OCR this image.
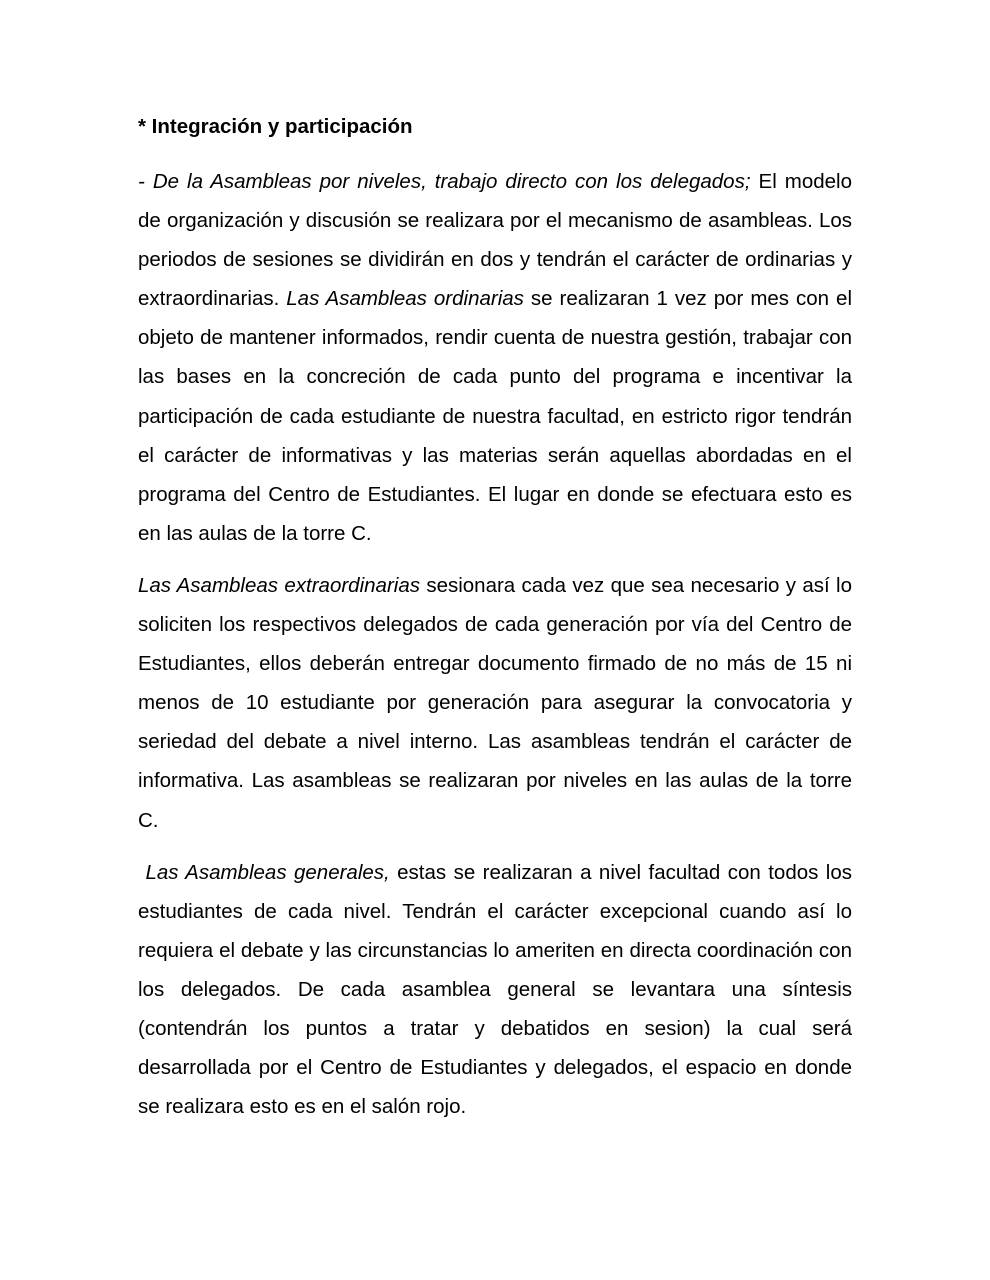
* Integración y participación

- De la Asambleas por niveles, trabajo directo con los delegados; El modelo de organización y discusión se realizara por el mecanismo de asambleas. Los periodos de sesiones se dividirán en dos y tendrán el carácter de ordinarias y extraordinarias. Las Asambleas ordinarias se realizaran 1 vez por mes con el objeto de mantener informados, rendir cuenta de nuestra gestión, trabajar con las bases en la concreción de cada punto del programa e incentivar la participación de cada estudiante de nuestra facultad, en estricto rigor tendrán el carácter de informativas y las materias serán aquellas abordadas en el programa del Centro de Estudiantes. El lugar en donde se efectuara esto es en las aulas de la torre C.

Las Asambleas extraordinarias sesionara cada vez que sea necesario y así lo soliciten los respectivos delegados de cada generación por vía del Centro de Estudiantes, ellos deberán entregar documento firmado de no más de 15 ni menos de 10 estudiante por generación para asegurar la convocatoria y seriedad del debate a nivel interno. Las asambleas tendrán el carácter de informativa. Las asambleas se realizaran por niveles en las aulas de la torre C.

Las Asambleas generales, estas se realizaran a nivel facultad con todos los estudiantes de cada nivel. Tendrán el carácter excepcional cuando así lo requiera el debate y las circunstancias lo ameriten en directa coordinación con los delegados. De cada asamblea general se levantara una síntesis (contendrán los puntos a tratar y debatidos en sesion) la cual será desarrollada por el Centro de Estudiantes y delegados, el espacio en donde se realizara esto es en el salón rojo.
